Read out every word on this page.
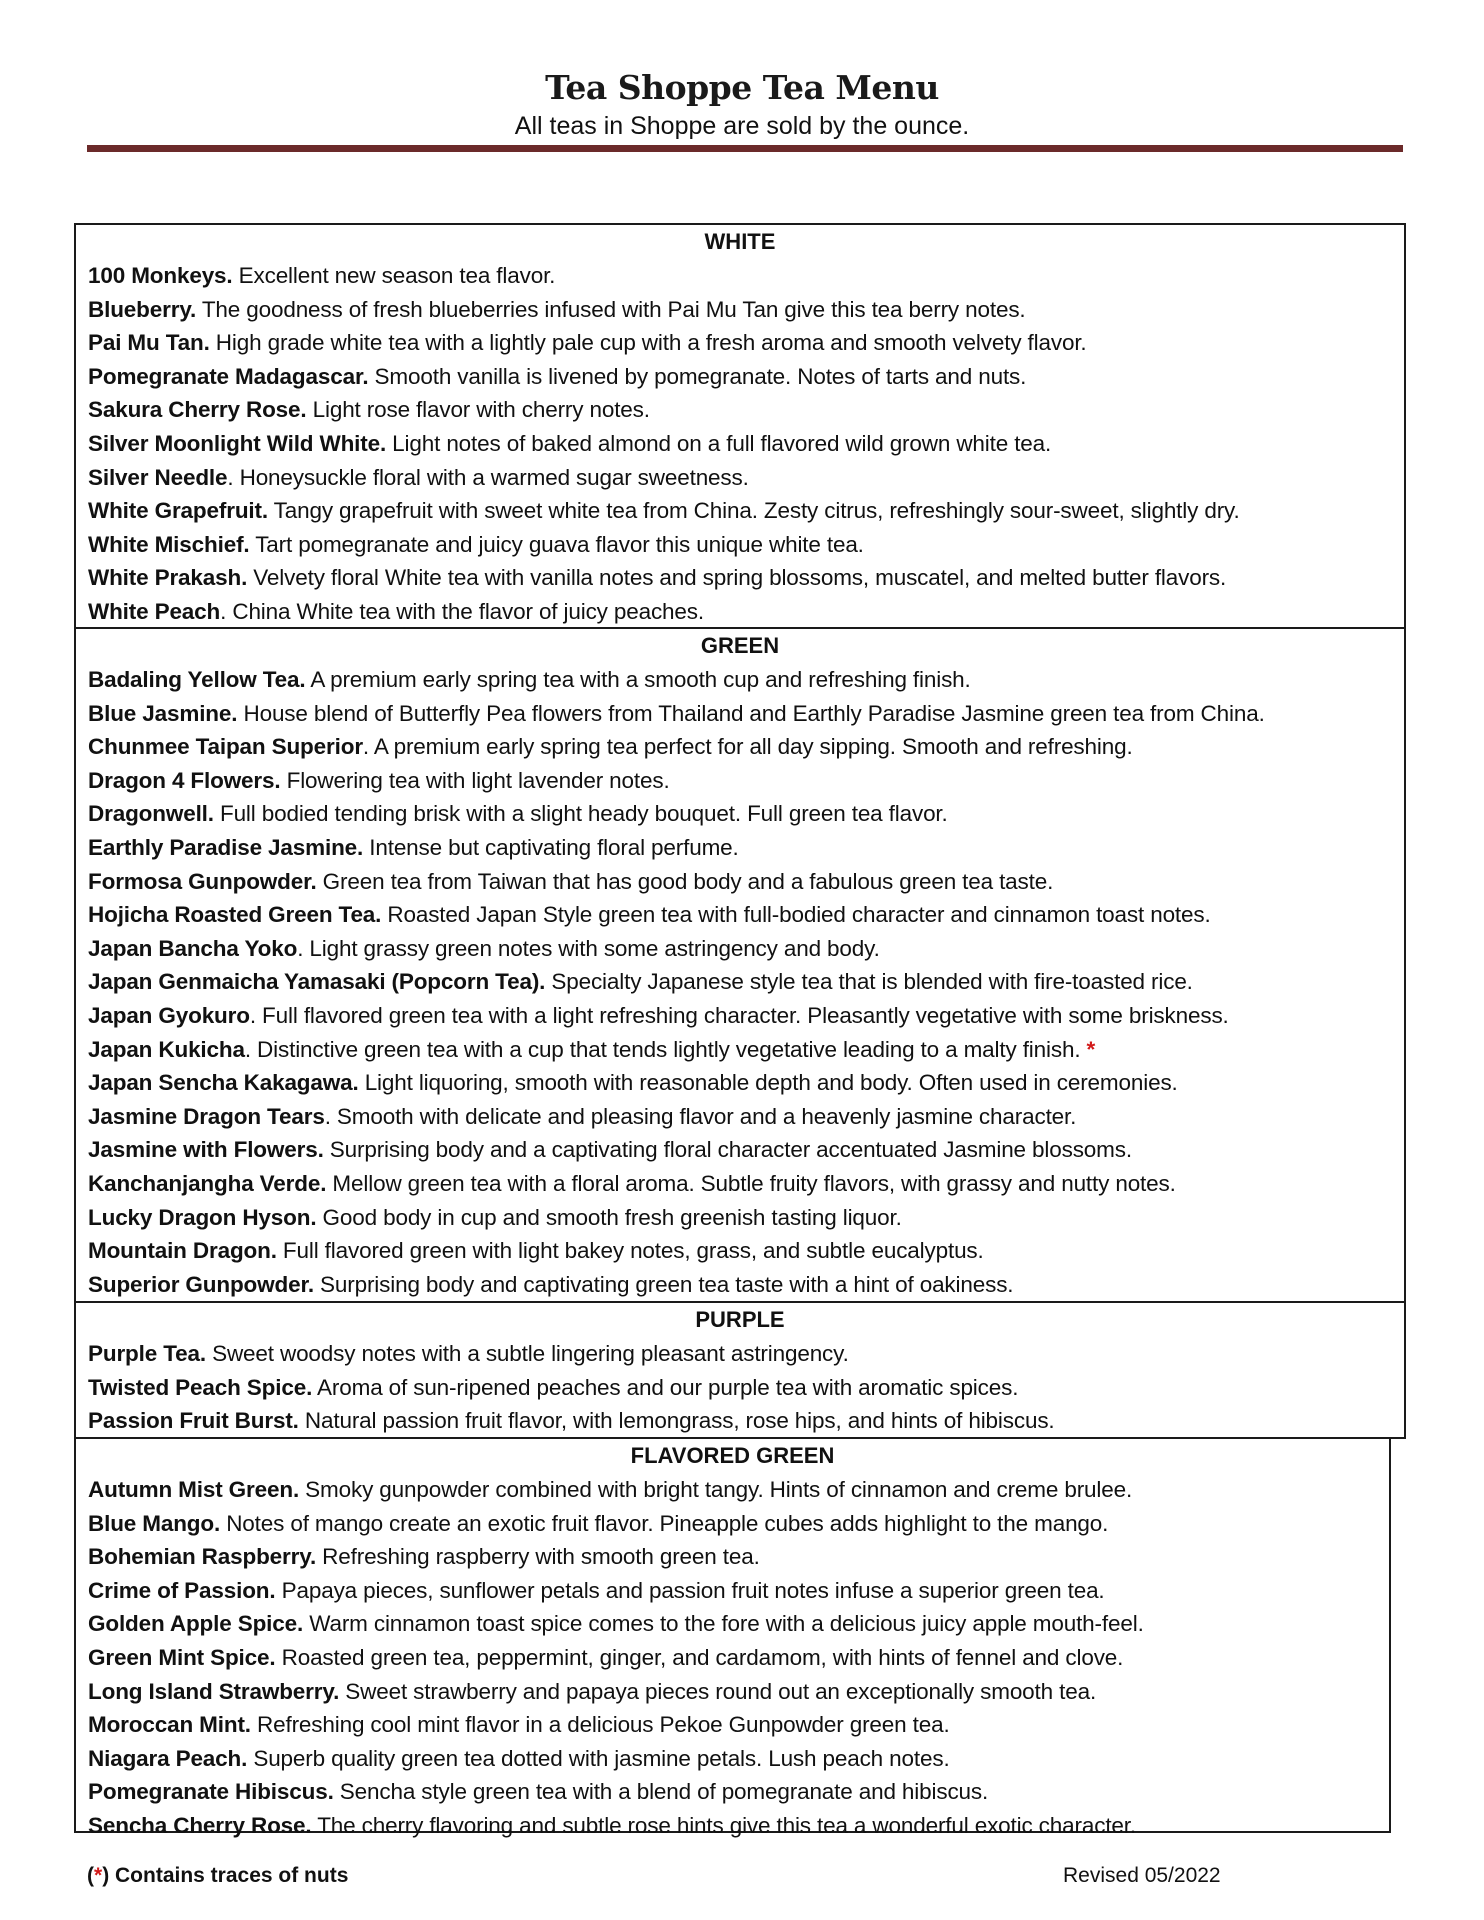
Tea Shoppe Tea Menu
All teas in Shoppe are sold by the ounce.
WHITE
100 Monkeys. Excellent new season tea flavor.
Blueberry. The goodness of fresh blueberries infused with Pai Mu Tan give this tea berry notes.
Pai Mu Tan. High grade white tea with a lightly pale cup with a fresh aroma and smooth velvety flavor.
Pomegranate Madagascar. Smooth vanilla is livened by pomegranate. Notes of tarts and nuts.
Sakura Cherry Rose. Light rose flavor with cherry notes.
Silver Moonlight Wild White. Light notes of baked almond on a full flavored wild grown white tea.
Silver Needle. Honeysuckle floral with a warmed sugar sweetness.
White Grapefruit. Tangy grapefruit with sweet white tea from China. Zesty citrus, refreshingly sour-sweet, slightly dry.
White Mischief. Tart pomegranate and juicy guava flavor this unique white tea.
White Prakash. Velvety floral White tea with vanilla notes and spring blossoms, muscatel, and melted butter flavors.
White Peach. China White tea with the flavor of juicy peaches.
GREEN
Badaling Yellow Tea. A premium early spring tea with a smooth cup and refreshing finish.
Blue Jasmine. House blend of Butterfly Pea flowers from Thailand and Earthly Paradise Jasmine green tea from China.
Chunmee Taipan Superior. A premium early spring tea perfect for all day sipping. Smooth and refreshing.
Dragon 4 Flowers. Flowering tea with light lavender notes.
Dragonwell. Full bodied tending brisk with a slight heady bouquet. Full green tea flavor.
Earthly Paradise Jasmine. Intense but captivating floral perfume.
Formosa Gunpowder. Green tea from Taiwan that has good body and a fabulous green tea taste.
Hojicha Roasted Green Tea. Roasted Japan Style green tea with full-bodied character and cinnamon toast notes.
Japan Bancha Yoko. Light grassy green notes with some astringency and body.
Japan Genmaicha Yamasaki (Popcorn Tea). Specialty Japanese style tea that is blended with fire-toasted rice.
Japan Gyokuro. Full flavored green tea with a light refreshing character. Pleasantly vegetative with some briskness.
Japan Kukicha. Distinctive green tea with a cup that tends lightly vegetative leading to a malty finish. *
Japan Sencha Kakagawa. Light liquoring, smooth with reasonable depth and body. Often used in ceremonies.
Jasmine Dragon Tears. Smooth with delicate and pleasing flavor and a heavenly jasmine character.
Jasmine with Flowers. Surprising body and a captivating floral character accentuated Jasmine blossoms.
Kanchanjangha Verde. Mellow green tea with a floral aroma. Subtle fruity flavors, with grassy and nutty notes.
Lucky Dragon Hyson. Good body in cup and smooth fresh greenish tasting liquor.
Mountain Dragon. Full flavored green with light bakey notes, grass, and subtle eucalyptus.
Superior Gunpowder. Surprising body and captivating green tea taste with a hint of oakiness.
PURPLE
Purple Tea. Sweet woodsy notes with a subtle lingering pleasant astringency.
Twisted Peach Spice. Aroma of sun-ripened peaches and our purple tea with aromatic spices.
Passion Fruit Burst. Natural passion fruit flavor, with lemongrass, rose hips, and hints of hibiscus.
FLAVORED GREEN
Autumn Mist Green. Smoky gunpowder combined with bright tangy. Hints of cinnamon and creme brulee.
Blue Mango. Notes of mango create an exotic fruit flavor. Pineapple cubes adds highlight to the mango.
Bohemian Raspberry. Refreshing raspberry with smooth green tea.
Crime of Passion. Papaya pieces, sunflower petals and passion fruit notes infuse a superior green tea.
Golden Apple Spice. Warm cinnamon toast spice comes to the fore with a delicious juicy apple mouth-feel.
Green Mint Spice. Roasted green tea, peppermint, ginger, and cardamom, with hints of fennel and clove.
Long Island Strawberry. Sweet strawberry and papaya pieces round out an exceptionally smooth tea.
Moroccan Mint. Refreshing cool mint flavor in a delicious Pekoe Gunpowder green tea.
Niagara Peach. Superb quality green tea dotted with jasmine petals. Lush peach notes.
Pomegranate Hibiscus. Sencha style green tea with a blend of pomegranate and hibiscus.
Sencha Cherry Rose. The cherry flavoring and subtle rose hints give this tea a wonderful exotic character.
(*) Contains traces of nuts	Revised 05/2022
